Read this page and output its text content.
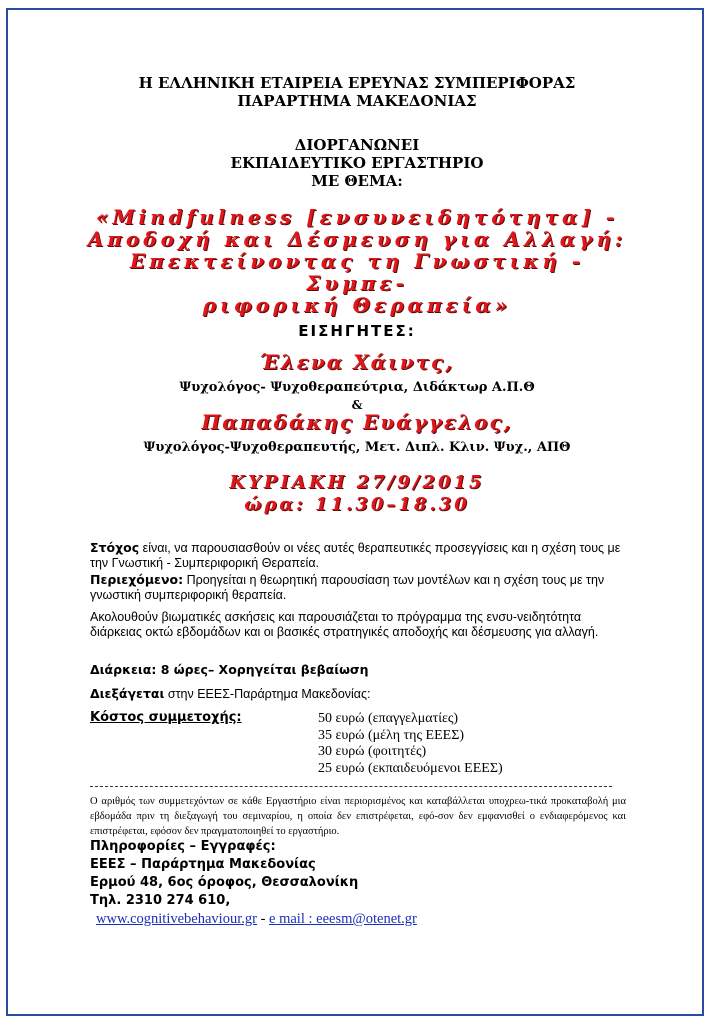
Η ΕΛΛΗΝΙΚΗ ΕΤΑΙΡΕΙΑ ΕΡΕΥΝΑΣ ΣΥΜΠΕΡΙΦΟΡΑΣ
ΠΑΡΑΡΤΗΜΑ ΜΑΚΕΔΟΝΙΑΣ
ΔΙΟΡΓΑΝΩΝΕΙ
ΕΚΠΑΙΔΕΥΤΙΚΟ ΕΡΓΑΣΤΗΡΙΟ
ΜΕ ΘΕΜΑ:
«Mindfulness [ενσυνειδητότητα] -
Αποδοχή και Δέσμευση για Αλλαγή:
Επεκτείνοντας τη Γνωστική - Συμπε-
ριφορική Θεραπεία»
ΕΙΣΗΓΗΤΕΣ:
Έλενα Χάιντς,
Ψυχολόγος- Ψυχοθεραπεύτρια, Διδάκτωρ Α.Π.Θ
&
Παπαδάκης Ευάγγελος,
Ψυχολόγος-Ψυχοθεραπευτής, Μετ. Διπλ. Κλιν. Ψυχ., ΑΠΘ
ΚΥΡΙΑΚΗ 27/9/2015
ώρα: 11.30–18.30
Στόχος είναι, να παρουσιασθούν οι νέες αυτές θεραπευτικές προσεγγίσεις και η σχέση τους με την Γνωστική - Συμπεριφορική Θεραπεία.
Περιεχόμενο: Προηγείται η θεωρητική παρουσίαση των μοντέλων και η σχέση τους με την γνωστική συμπεριφορική θεραπεία.
Ακολουθούν βιωματικές ασκήσεις και παρουσιάζεται το πρόγραμμα της ενσυ-νειδητότητα διάρκειας οκτώ εβδομάδων και οι βασικές στρατηγικές αποδοχής και δέσμευσης για αλλαγή.
Διάρκεια: 8 ώρες– Χορηγείται βεβαίωση
Διεξάγεται στην ΕΕΕΣ-Παράρτημα Μακεδονίας:
Κόστος συμμετοχής:	50 ευρώ (επαγγελματίες)
35 ευρώ (μέλη της ΕΕΕΣ)
30 ευρώ (φοιτητές)
25 ευρώ (εκπαιδευόμενοι ΕΕΕΣ)
Ο αριθμός των συμμετεχόντων σε κάθε Εργαστήριο είναι περιορισμένος και καταβάλλεται υποχρεω-τικά προκαταβολή μια εβδομάδα πριν τη διεξαγωγή του σεμιναρίου, η οποία δεν επιστρέφεται, εφό-σον δεν εμφανισθεί ο ενδιαφερόμενος και επιστρέφεται, εφόσον δεν πραγματοποιηθεί το εργαστήριο.
Πληροφορίες – Εγγραφές:
ΕΕΕΣ – Παράρτημα Μακεδονίας
Ερμού 48, 6ος όροφος, Θεσσαλονίκη
Τηλ. 2310 274 610,
www.cognitivebehaviour.gr - e mail : eeesm@otenet.gr
